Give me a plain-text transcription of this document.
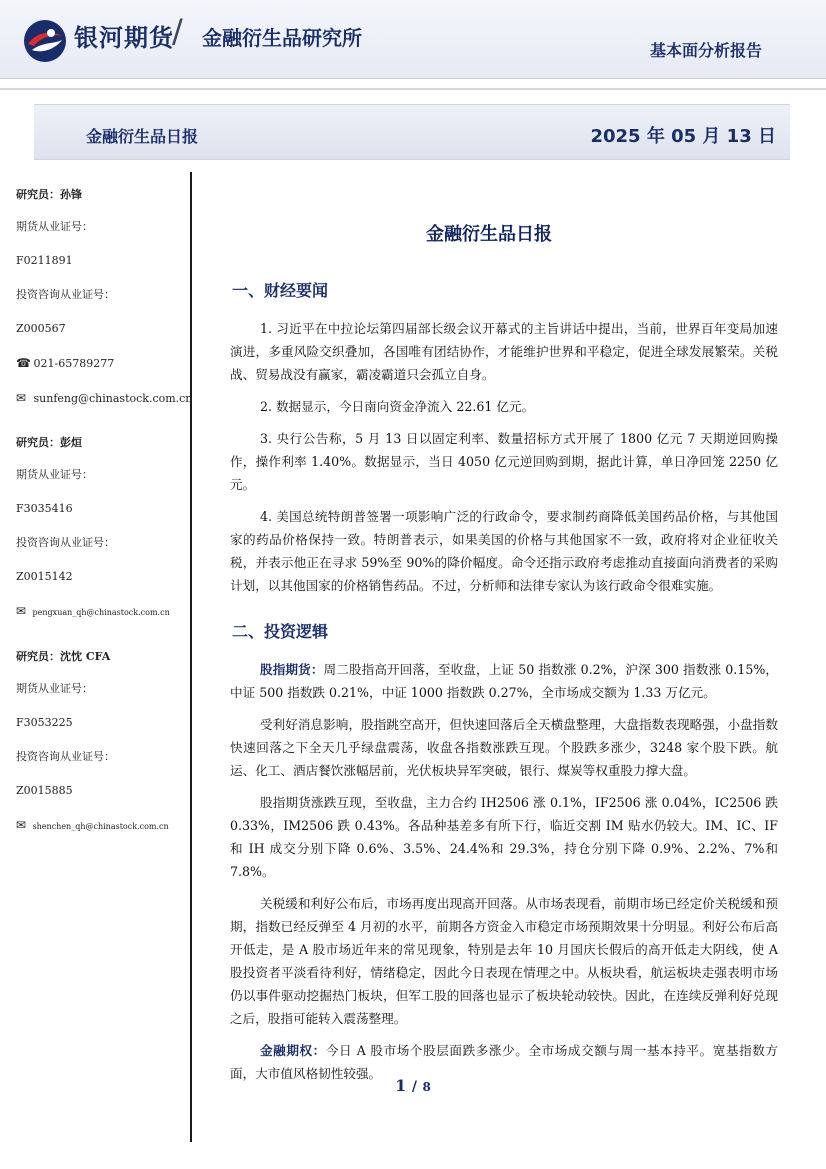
银河期货
/ 金融衍生品研究所
基本面分析报告
金融衍生品日报	2025 年 05 月 13 日
研究员：孙锋
期货从业证号：
F0211891
投资咨询从业证号：
Z000567
☎ 021-65789277
✉ sunfeng@chinastock.com.cn
研究员：彭烜
期货从业证号：
F3035416
投资咨询从业证号：
Z0015142
✉ pengxuan_qh@chinastock.com.cn
研究员：沈忱 CFA
期货从业证号：
F3053225
投资咨询从业证号：
Z0015885
✉ shenchen_qh@chinastock.com.cn
金融衍生品日报
一、财经要闻

1. 习近平在中拉论坛第四届部长级会议开幕式的主旨讲话中提出，当前，世界百年变局加速演进，多重风险交织叠加，各国唯有团结协作，才能维护世界和平稳定，促进全球发展繁荣。关税战、贸易战没有赢家，霸凌霸道只会孤立自身。

2. 数据显示，今日南向资金净流入 22.61 亿元。

3. 央行公告称，5 月 13 日以固定利率、数量招标方式开展了 1800 亿元 7 天期逆回购操作，操作利率 1.40%。数据显示，当日 4050 亿元逆回购到期，据此计算，单日净回笼 2250 亿元。

4. 美国总统特朗普签署一项影响广泛的行政命令，要求制药商降低美国药品价格，与其他国家的药品价格保持一致。特朗普表示，如果美国的价格与其他国家不一致，政府将对企业征收关税，并表示他正在寻求 59%至 90%的降价幅度。命令还指示政府考虑推动直接面向消费者的采购计划，以其他国家的价格销售药品。不过，分析师和法律专家认为该行政命令很难实施。

二、投资逻辑

股指期货：周二股指高开回落，至收盘，上证 50 指数涨 0.2%，沪深 300 指数涨 0.15%，中证 500 指数跌 0.21%，中证 1000 指数跌 0.27%，全市场成交额为 1.33 万亿元。

受利好消息影响，股指跳空高开，但快速回落后全天横盘整理，大盘指数表现略强，小盘指数快速回落之下全天几乎绿盘震荡，收盘各指数涨跌互现。个股跌多涨少，3248 家个股下跌。航运、化工、酒店餐饮涨幅居前，光伏板块异军突破，银行、煤炭等权重股力撑大盘。

股指期货涨跌互现，至收盘，主力合约 IH2506 涨 0.1%，IF2506 涨 0.04%，IC2506 跌 0.33%，IM2506 跌 0.43%。各品种基差多有所下行，临近交割 IM 贴水仍较大。IM、IC、IF 和 IH 成交分别下降 0.6%、3.5%、24.4%和 29.3%，持仓分别下降 0.9%、2.2%、7%和 7.8%。

关税缓和利好公布后，市场再度出现高开回落。从市场表现看，前期市场已经定价关税缓和预期，指数已经反弹至 4 月初的水平，前期各方资金入市稳定市场预期效果十分明显。利好公布后高开低走，是 A 股市场近年来的常见现象，特别是去年 10 月国庆长假后的高开低走大阴线，使 A 股投资者平淡看待利好，情绪稳定，因此今日表现在情理之中。从板块看，航运板块走强表明市场仍以事件驱动挖掘热门板块，但军工股的回落也显示了板块轮动较快。因此，在连续反弹利好兑现之后，股指可能转入震荡整理。

金融期权：今日 A 股市场个股层面跌多涨少。全市场成交额与周一基本持平。宽基指数方面，大市值风格韧性较强。

1 / 8
